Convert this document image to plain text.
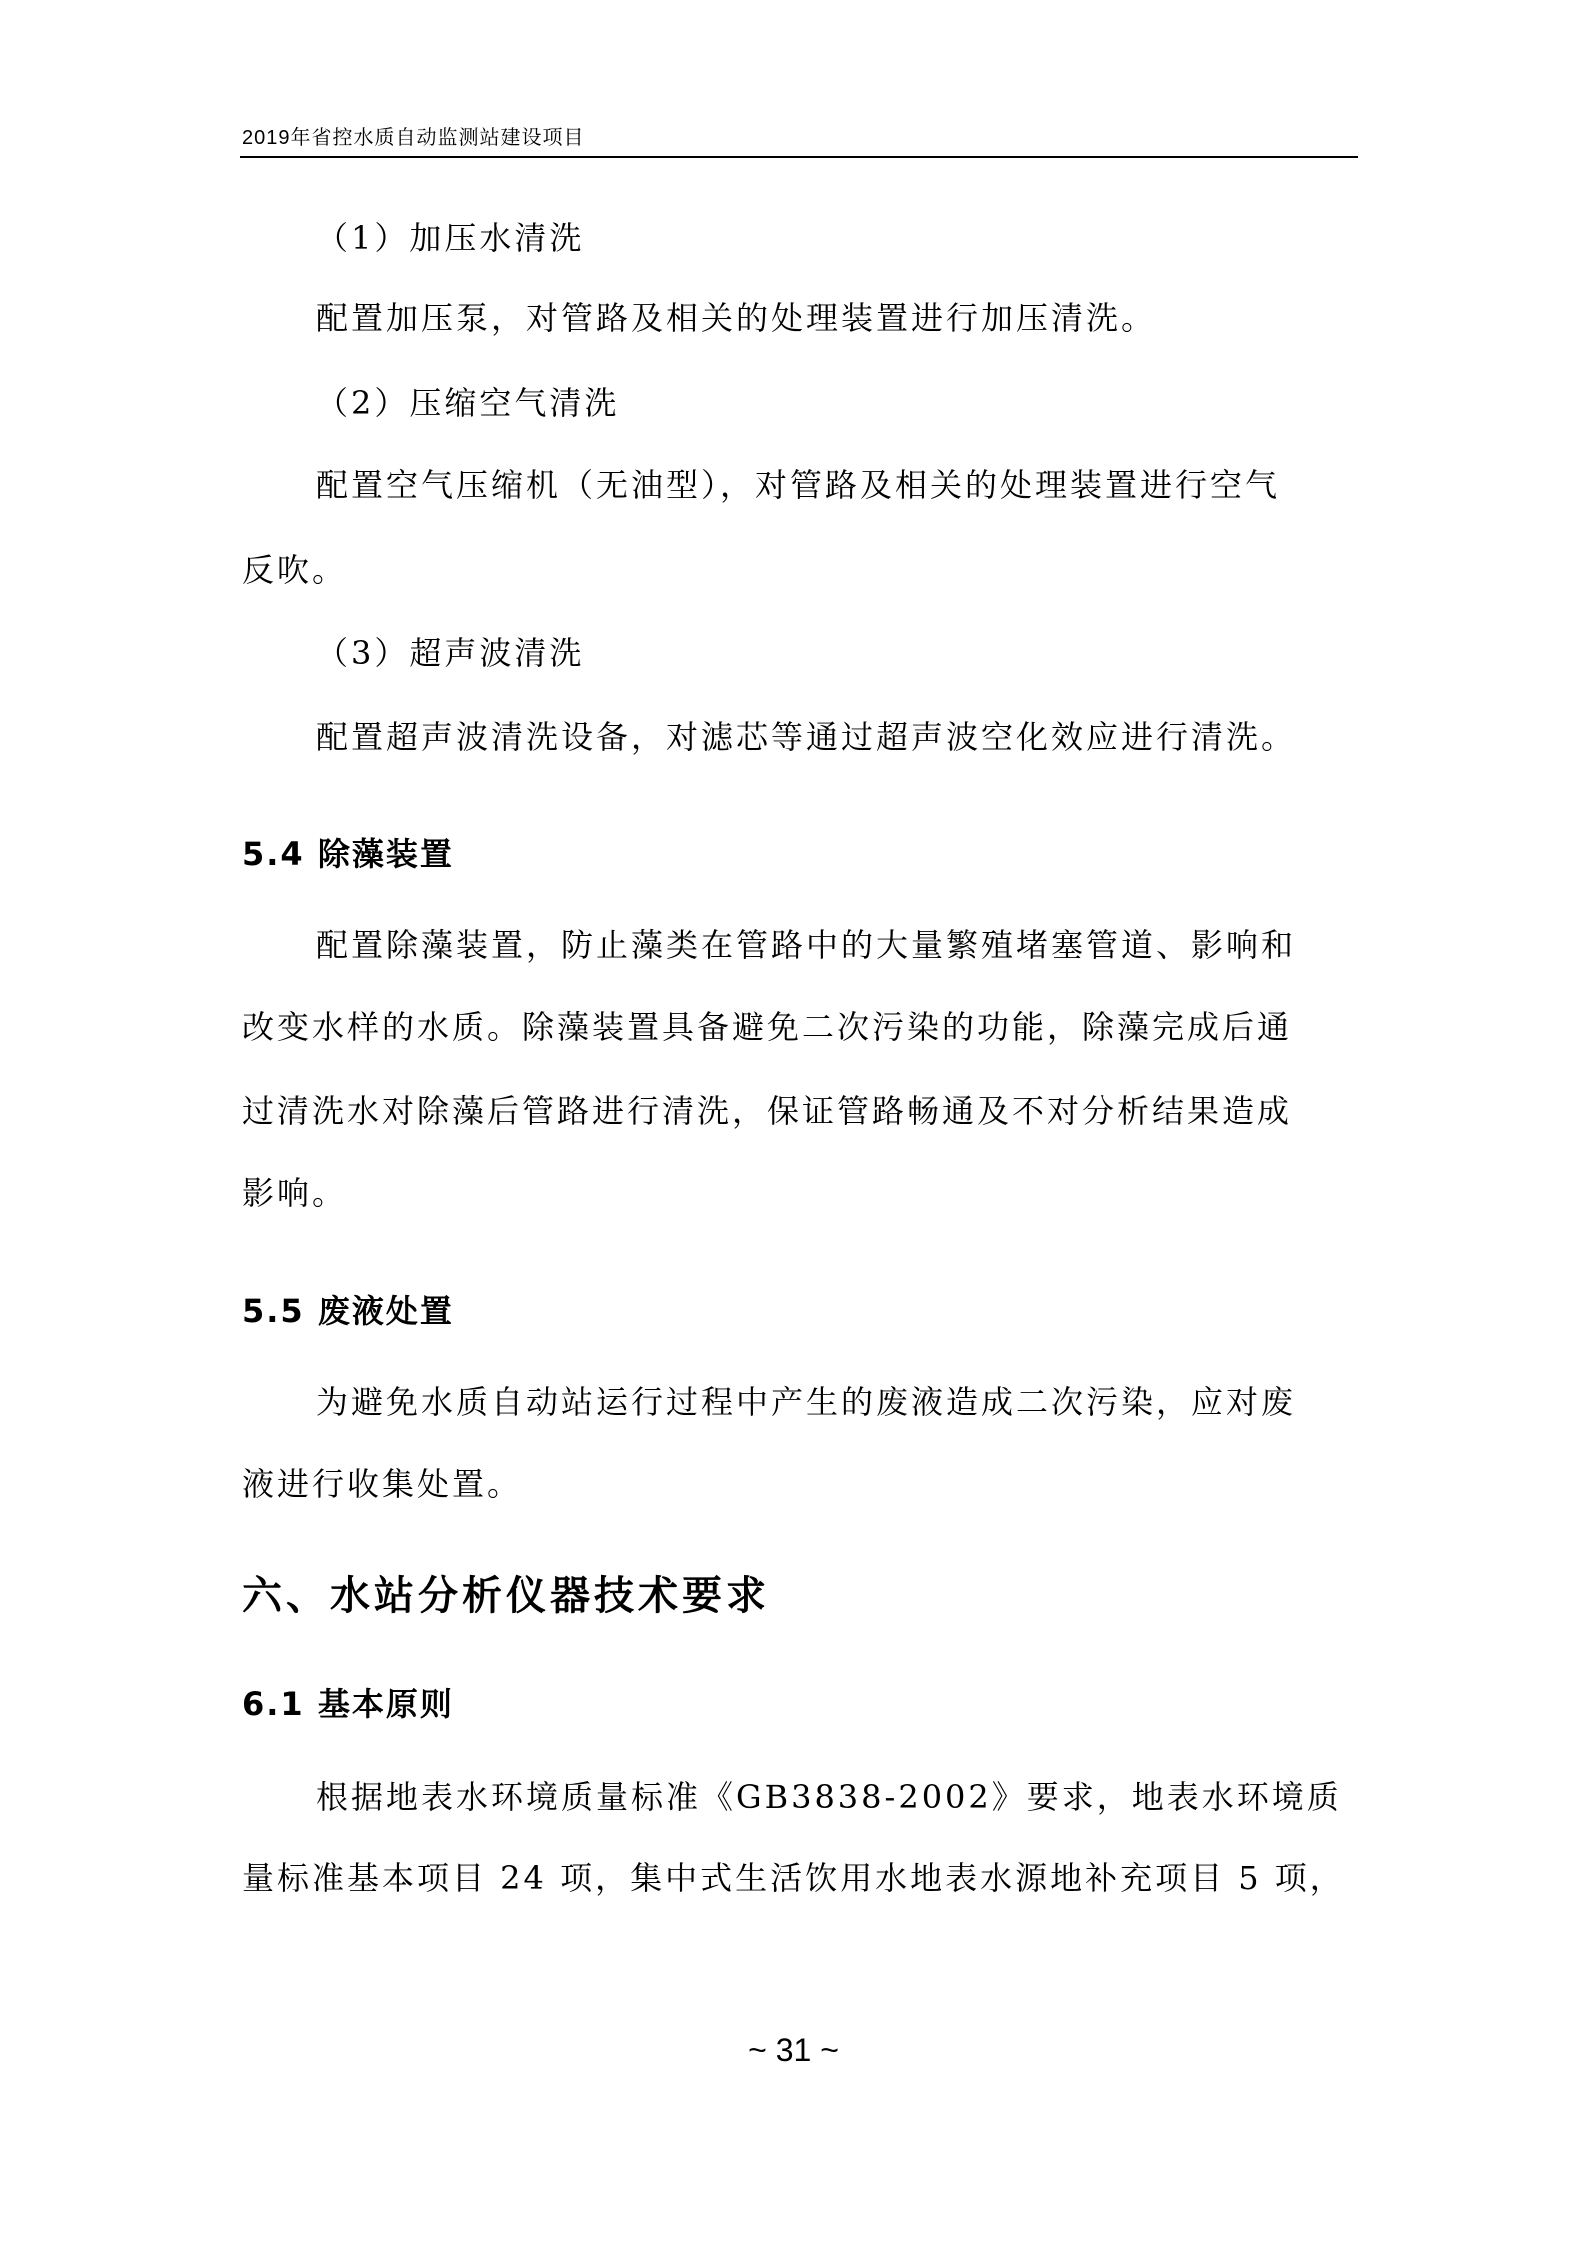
2019年省控水质自动监测站建设项目
（1）加压水清洗
配置加压泵，对管路及相关的处理装置进行加压清洗。
（2）压缩空气清洗
配置空气压缩机（无油型），对管路及相关的处理装置进行空气
反吹。
（3）超声波清洗
配置超声波清洗设备，对滤芯等通过超声波空化效应进行清洗。
5.4 除藻装置
配置除藻装置，防止藻类在管路中的大量繁殖堵塞管道、影响和
改变水样的水质。除藻装置具备避免二次污染的功能，除藻完成后通
过清洗水对除藻后管路进行清洗，保证管路畅通及不对分析结果造成
影响。
5.5 废液处置
为避免水质自动站运行过程中产生的废液造成二次污染，应对废
液进行收集处置。
六、水站分析仪器技术要求
6.1 基本原则
根据地表水环境质量标准《GB3838-2002》要求，地表水环境质
量标准基本项目 24 项，集中式生活饮用水地表水源地补充项目 5 项，
~ 31 ~
